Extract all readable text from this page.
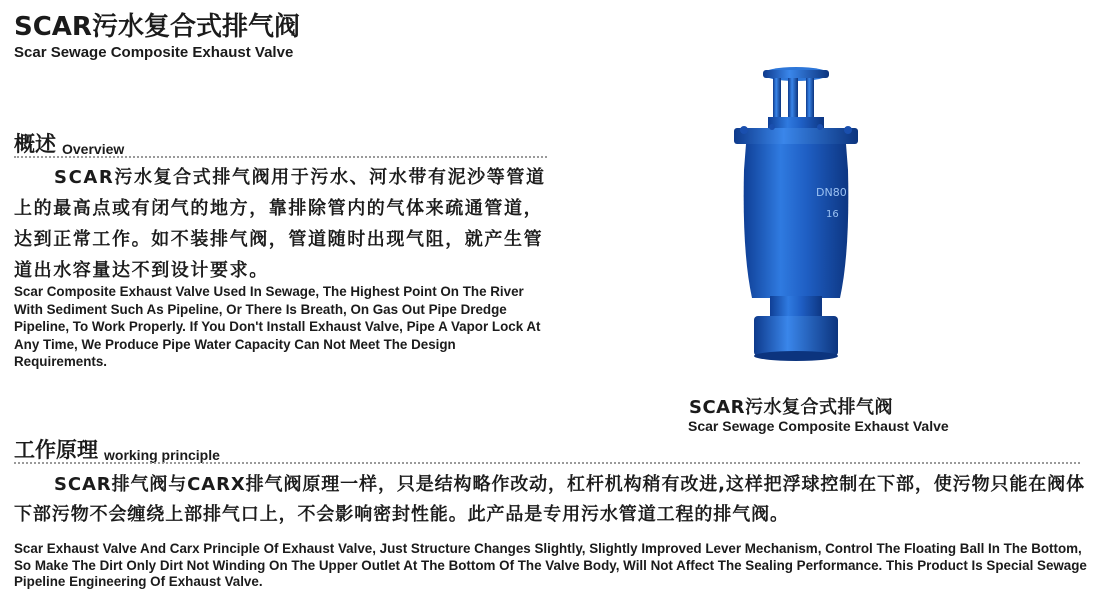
SCAR污水复合式排气阀
Scar Sewage Composite Exhaust Valve
概述 Overview
SCAR污水复合式排气阀用于污水、河水带有泥沙等管道上的最高点或有闭气的地方，靠排除管内的气体来疏通管道，达到正常工作。如不装排气阀，管道随时出现气阻，就产生管道出水容量达不到设计要求。
Scar Composite Exhaust Valve Used In Sewage, The Highest Point On The River With Sediment Such As Pipeline, Or There Is Breath, On Gas Out Pipe Dredge Pipeline, To Work Properly. If You Don't Install Exhaust Valve, Pipe A Vapor Lock At Any Time, We Produce Pipe Water Capacity Can Not Meet The Design Requirements.
DN80
16
SCAR污水复合式排气阀
Scar Sewage Composite Exhaust Valve
工作原理 working principle
SCAR排气阀与CARX排气阀原理一样，只是结构略作改动，杠杆机构稍有改进,这样把浮球控制在下部，使污物只能在阀体下部污物不会缠绕上部排气口上，不会影响密封性能。此产品是专用污水管道工程的排气阀。
Scar Exhaust Valve And Carx Principle Of Exhaust Valve, Just Structure Changes Slightly, Slightly Improved Lever Mechanism, Control The Floating Ball In The Bottom, So Make The Dirt Only Dirt Not Winding On The Upper Outlet At The Bottom Of The Valve Body, Will Not Affect The Sealing Performance. This Product Is Special Sewage Pipeline Engineering Of Exhaust Valve.
